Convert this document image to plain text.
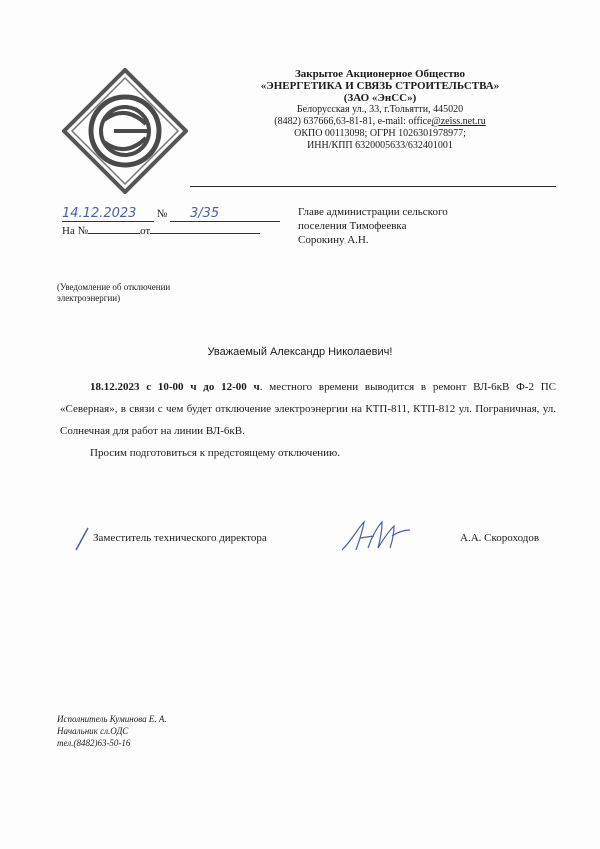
Закрытое Акционерное Общество
«ЭНЕРГЕТИКА И СВЯЗЬ СТРОИТЕЛЬСТВА»
(ЗАО «ЭнСС»)
Белорусская ул., 33, г.Тольятти, 445020
(8482) 637666,63-81-81, e-mail: office@zeiss.net.ru
ОКПО 00113098; ОГРН 1026301978977;
ИНН/КПП 6320005633/632401001
14.12.2023 № 3/35
На №	от
Главе администрации сельского
поселения Тимофеевка
Сорокину А.Н.
(Уведомление об отключении
электроэнергии)
Уважаемый Александр Николаевич!

18.12.2023 с 10-00 ч до 12-00 ч. местного времени выводится в ремонт ВЛ-6кВ Ф-2 ПС «Северная», в связи с чем будет отключение электроэнергии на КТП-811, КТП-812 ул. Пограничная, ул. Солнечная для работ на линии ВЛ-6кВ.

Просим подготовиться к предстоящему отключению.

Заместитель технического директора	А.А. Скороходов
Исполнитель Куминова Е. А.
Начальник сл.ОДС
тел.(8482)63-50-16
